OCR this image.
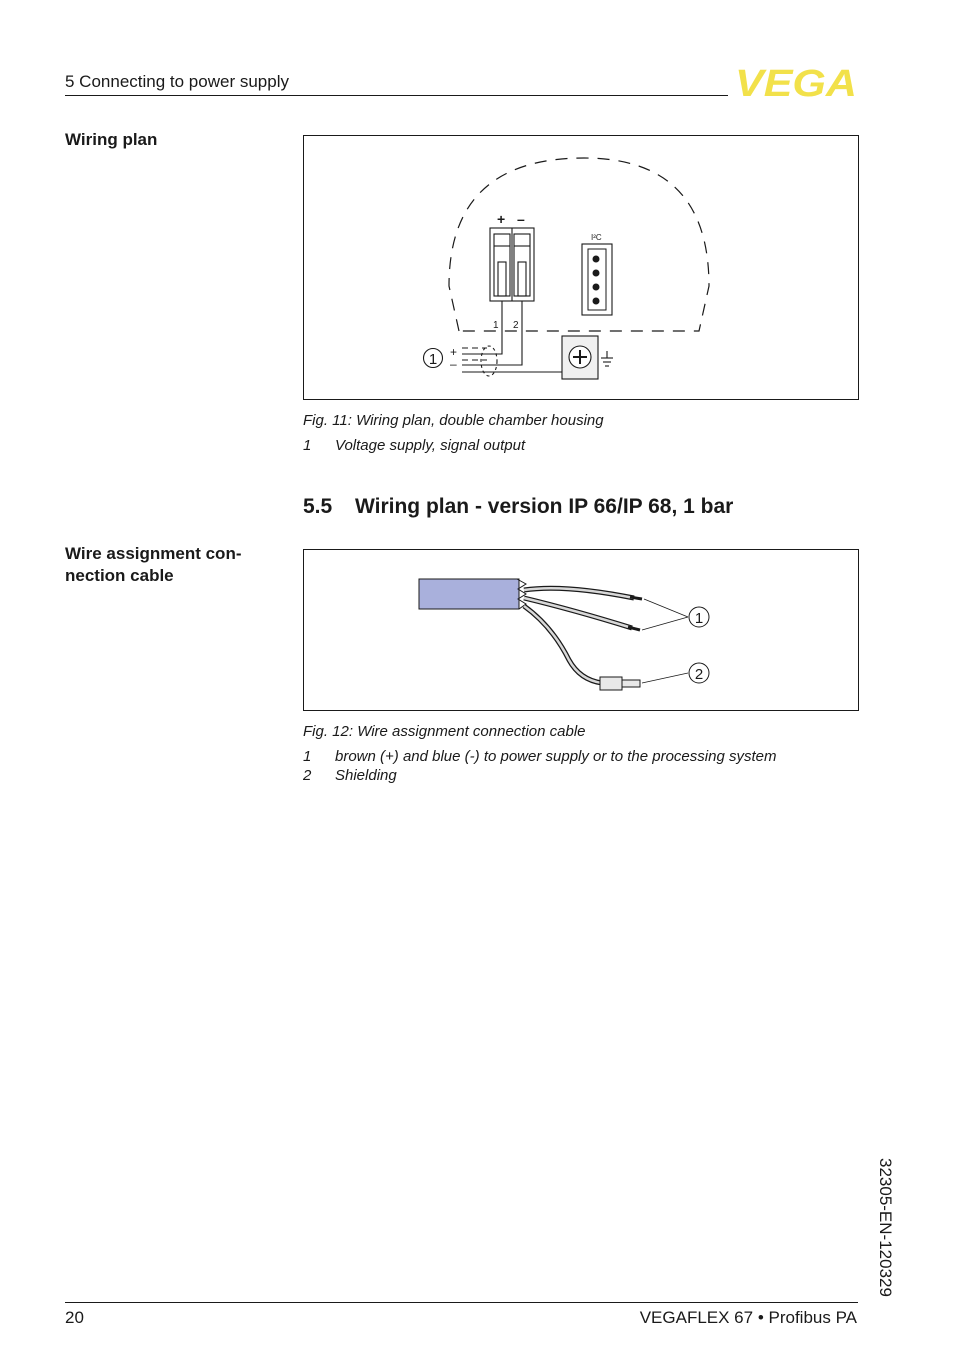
5 Connecting to power supply	VEGA
Wiring plan
+ –
1 2
I²C
+
–
1
Fig. 11: Wiring plan, double chamber housing
1 Voltage supply, signal output
5.5 Wiring plan - version IP 66/IP 68, 1 bar
Wire assignment con-
nection cable
1
2
Fig. 12: Wire assignment connection cable
1 brown (+) and blue (-) to power supply or to the processing system
2 Shielding
32305-EN-120329
20	VEGAFLEX 67 • Profibus PA
